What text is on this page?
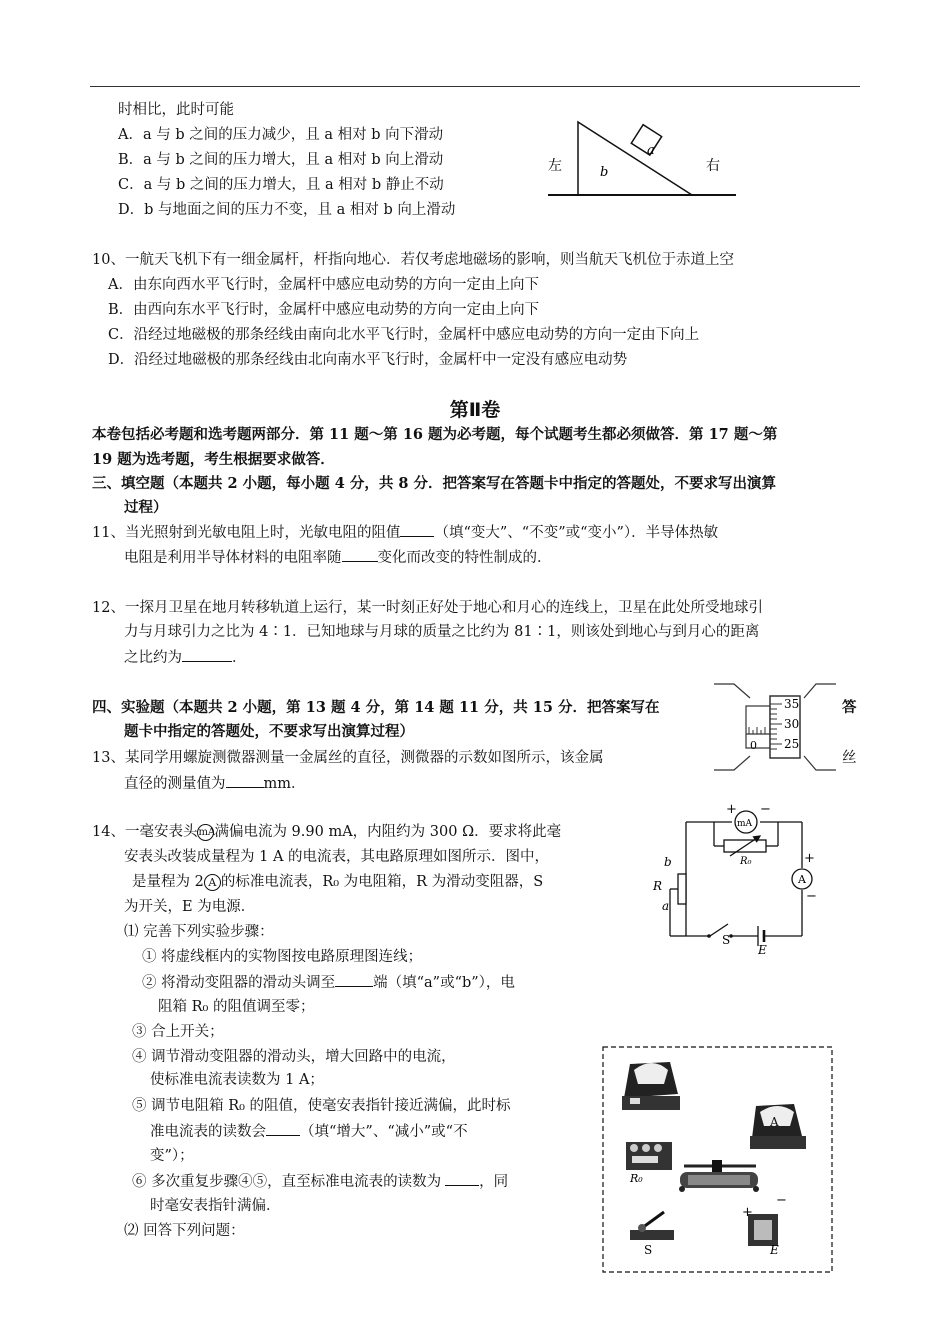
时相比，此时可能
A．a 与 b 之间的压力减少，且 a 相对 b 向下滑动
B．a 与 b 之间的压力增大，且 a 相对 b 向上滑动
C．a 与 b 之间的压力增大，且 a 相对 b 静止不动
D．b 与地面之间的压力不变，且 a 相对 b 向上滑动
a
b
左	右
10、一航天飞机下有一细金属杆，杆指向地心．若仅考虑地磁场的影响，则当航天飞机位于赤道上空
A．由东向西水平飞行时，金属杆中感应电动势的方向一定由上向下
B．由西向东水平飞行时，金属杆中感应电动势的方向一定由上向下
C．沿经过地磁极的那条经线由南向北水平飞行时，金属杆中感应电动势的方向一定由下向上
D．沿经过地磁极的那条经线由北向南水平飞行时，金属杆中一定没有感应电动势
第Ⅱ卷
本卷包括必考题和选考题两部分．第 11 题～第 16 题为必考题，每个试题考生都必须做答．第 17 题～第
19 题为选考题，考生根据要求做答．
三、填空题（本题共 2 小题，每小题 4 分，共 8 分．把答案写在答题卡中指定的答题处，不要求写出演算
过程）
11、当光照射到光敏电阻上时，光敏电阻的阻值 （填“变大”、“不变”或“变小”）．半导体热敏
电阻是利用半导体材料的电阻率随 变化而改变的特性制成的．
12、一探月卫星在地月转移轨道上运行，某一时刻正好处于地心和月心的连线上，卫星在此处所受地球引
力与月球引力之比为 4∶1．已知地球与月球的质量之比约为 81∶1，则该处到地心与到月心的距离
之比约为	．
四、实验题（本题共 2 小题，第 13 题 4 分，第 14 题 11 分，共 15 分．把答案写在	答
题卡中指定的答题处，不要求写出演算过程）
13、某同学用螺旋测微器测量一金属丝的直径，测微器的示数如图所示，该金属	丝
直径的测量值为	mm．
0
35
30
25
14、一毫安表头mA满偏电流为 9.90 mA，内阻约为 300 Ω．要求将此毫
安表头改装成量程为 1 A 的电流表，其电路原理如图所示．图中，
是量程为 2 A 的标准电流表，R₀ 为电阻箱，R 为滑动变阻器，S
为开关，E 为电源．
⑴ 完善下列实验步骤：
① 将虚线框内的实物图按电路原理图连线；
② 将滑动变阻器的滑动头调至	端（填“a”或“b”），电
阻箱 R₀ 的阻值调至零；
③ 合上开关；
④ 调节滑动变阻器的滑动头，增大回路中的电流，
使标准电流表读数为 1 A；
⑤ 调节电阻箱 R₀ 的阻值，使毫安表指针接近满偏，此时标
准电流表的读数会 （填“增大”、“减小”或“不
变”）；
⑥ 多次重复步骤④⑤，直至标准电流表的读数为	，同
时毫安表指针满偏．
⑵ 回答下列问题：
+ −
mA
R₀
b
R
a
A
+
−
S
E
A
R₀
S
+
−
E
